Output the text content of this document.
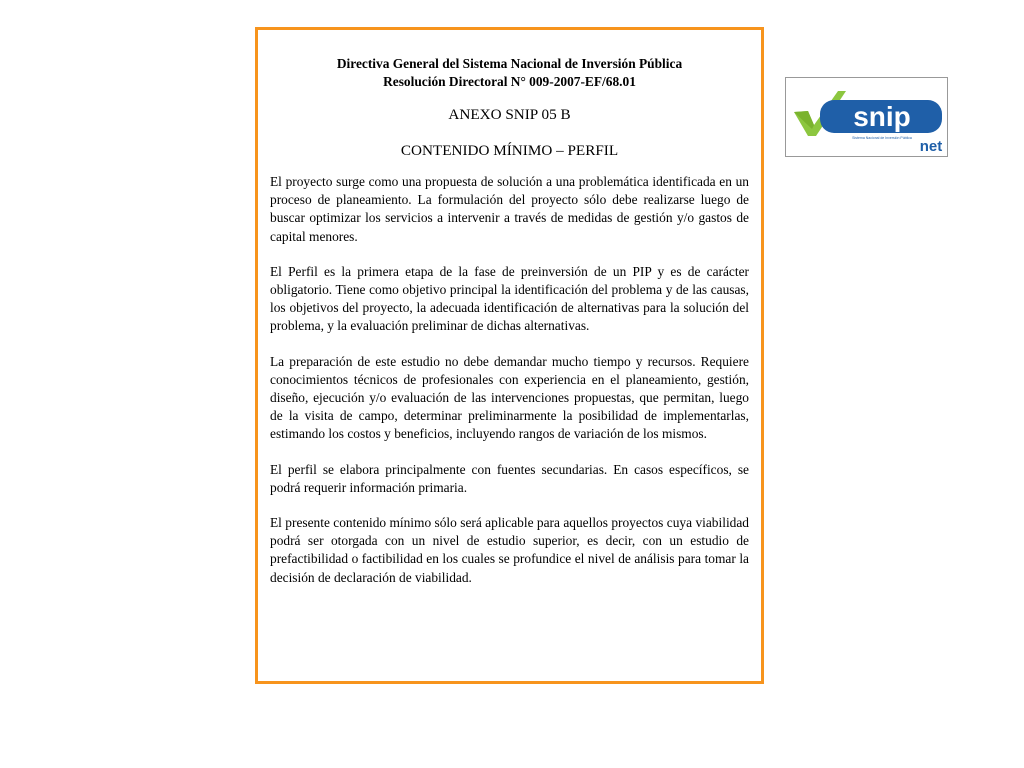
Directiva General del Sistema Nacional de Inversión Pública

Resolución Directoral N° 009-2007-EF/68.01

ANEXO SNIP 05 B

CONTENIDO MÍNIMO – PERFIL

El proyecto surge como una propuesta de solución a una problemática identificada en un proceso de planeamiento. La formulación del proyecto sólo debe realizarse luego de buscar optimizar los servicios a intervenir a través de medidas de gestión y/o gastos de capital menores.

El Perfil es la primera etapa de la fase de preinversión de un PIP y es de carácter obligatorio. Tiene como objetivo principal la identificación del problema y de las causas, los objetivos del proyecto, la adecuada identificación de alternativas para la solución del problema, y la evaluación preliminar de dichas alternativas.

La preparación de este estudio no debe demandar mucho tiempo y recursos. Requiere conocimientos técnicos de profesionales con experiencia en el planeamiento, gestión, diseño, ejecución y/o evaluación de las intervenciones propuestas, que permitan, luego de la visita de campo, determinar preliminarmente la posibilidad de implementarlas, estimando los costos y beneficios, incluyendo rangos de variación de los mismos.

El perfil se elabora principalmente con fuentes secundarias. En casos específicos, se podrá requerir información primaria.

El presente contenido mínimo sólo será aplicable para aquellos proyectos cuya viabilidad podrá ser otorgada con un nivel de estudio superior, es decir, con un estudio de prefactibilidad o factibilidad en los cuales se profundice el nivel de análisis para tomar la decisión de declaración de viabilidad.

snip
Sistema Nacional de Inversión Pública net
